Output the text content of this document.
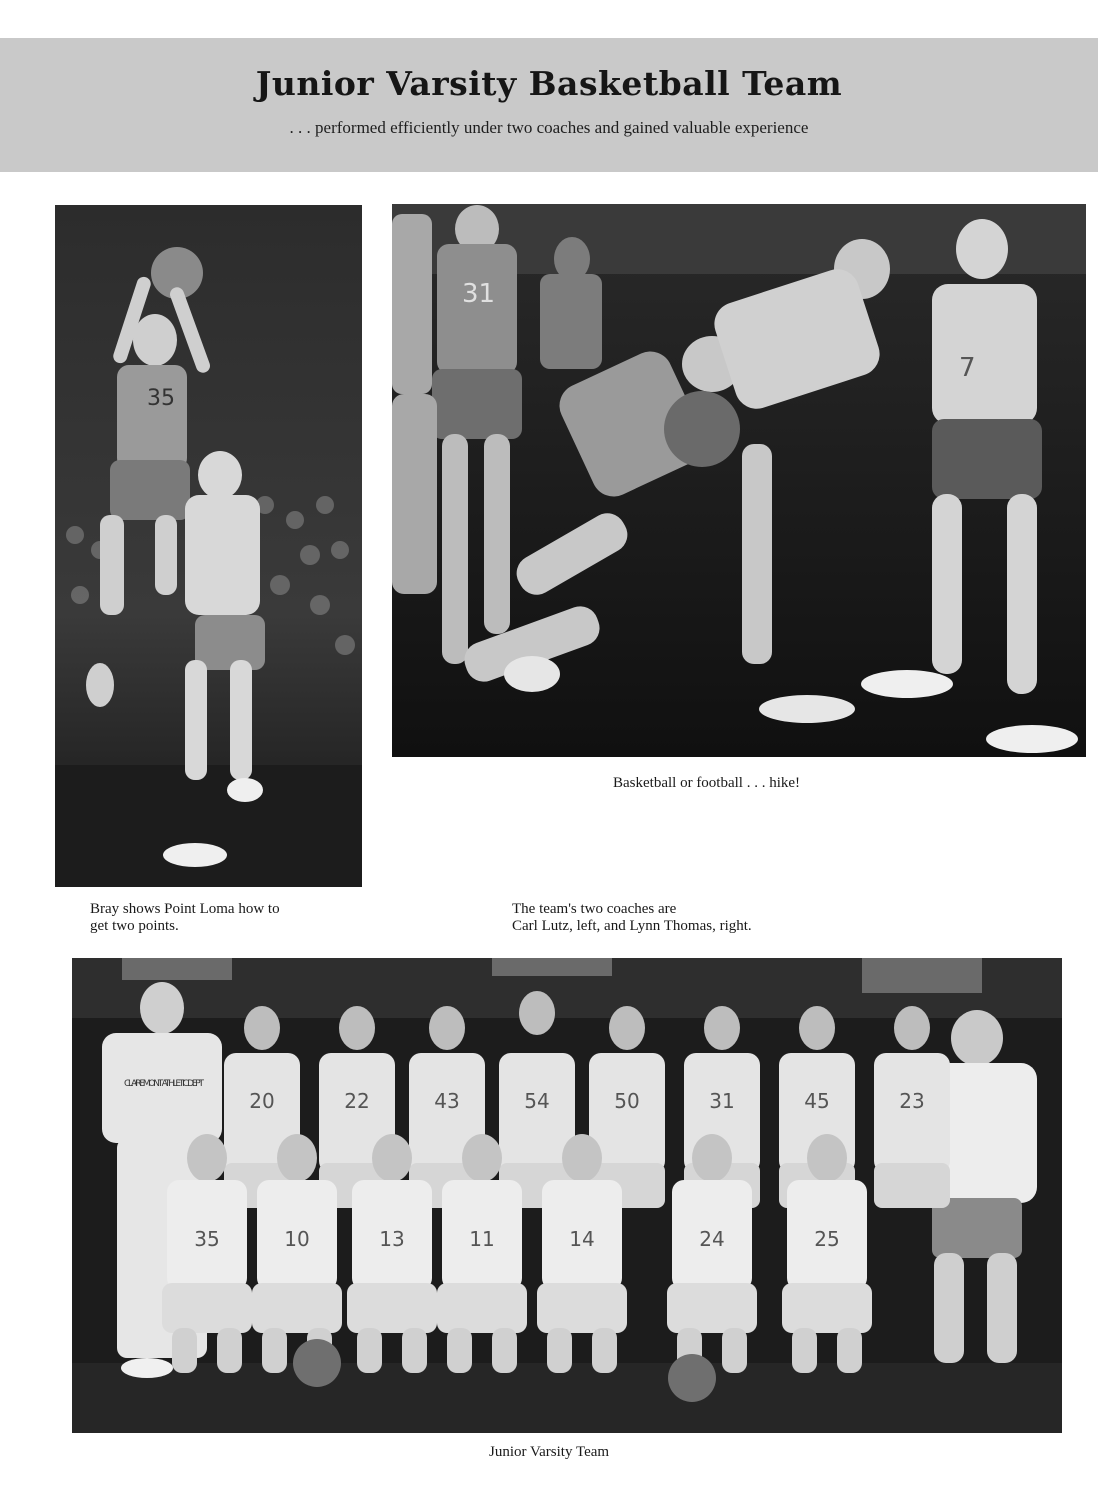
Junior Varsity Basketball Team
. . . performed efficiently under two coaches and gained valuable experience
35
31
7
Basketball or football . . . hike!
Bray shows Point Loma how to
get two points.
The team's two coaches are
Carl Lutz, left, and Lynn Thomas, right.
CLAIREMONT ATHLETIC DEPT
20	22	43	54	50	31	45	23
35	10	13	11	14	24	25
Junior Varsity Team
